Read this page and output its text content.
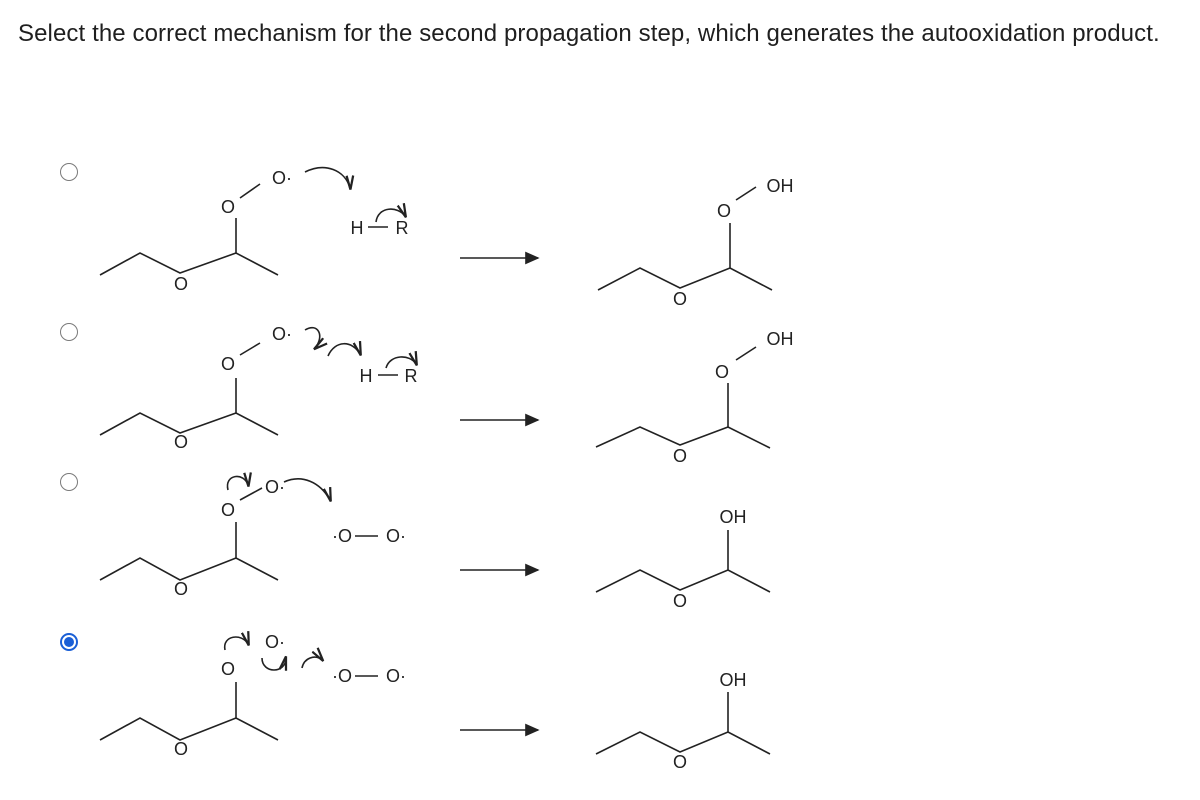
Select the correct mechanism for the second propagation step, which generates the autooxidation product.
O
O
O·
H R
O
O
OH
O
O
O·
H R
O
O
OH
O
O
O·
·O O·
O
OH
O
O
O·
·O O·
O
OH
